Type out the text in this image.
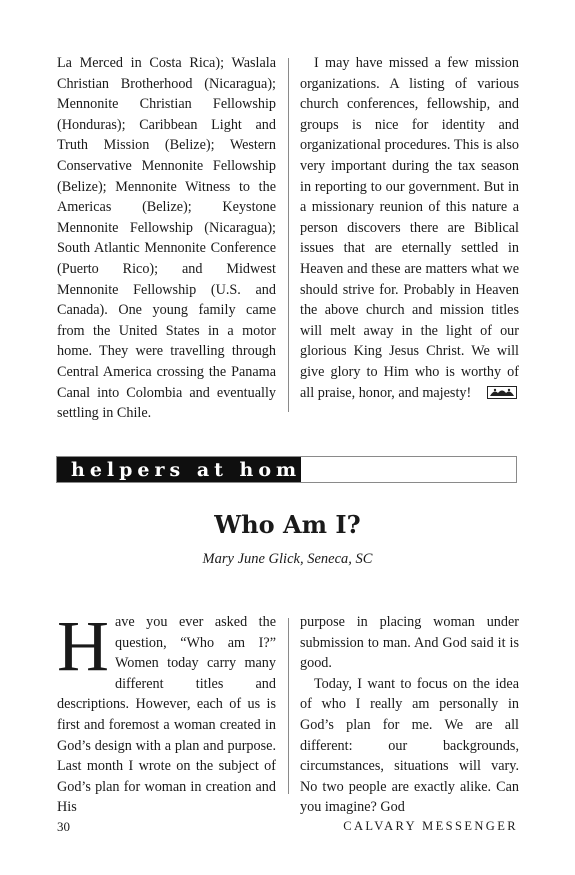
La Merced in Costa Rica); Waslala Christian Brotherhood (Nicaragua); Mennonite Christian Fellowship (Honduras); Caribbean Light and Truth Mission (Belize); Western Conservative Mennonite Fellowship (Belize); Mennonite Witness to the Americas (Belize); Keystone Mennonite Fellowship (Nicaragua); South Atlantic Mennonite Conference (Puerto Rico); and Midwest Mennonite Fellowship (U.S. and Canada). One young family came from the United States in a motor home. They were travelling through Central America crossing the Panama Canal into Colombia and eventually settling in Chile.

I may have missed a few mission organizations. A listing of various church conferences, fellowship, and groups is nice for identity and organizational procedures. This is also very important during the tax season in reporting to our government. But in a missionary reunion of this nature a person discovers there are Biblical issues that are eternally settled in Heaven and these are matters what we should strive for. Probably in Heaven the above church and mission titles will melt away in the light of our glorious King Jesus Christ. We will give glory to Him who is worthy of all praise, honor, and majesty!

helpers at home
Who Am I?
Mary June Glick, Seneca, SC
H ave you ever asked the question, “Who am I?” Women today carry many different titles and descriptions. However, each of us is first and foremost a woman created in God’s design with a plan and purpose. Last month I wrote on the subject of God’s plan for woman in creation and His

purpose in placing woman under submission to man. And God said it is good.

Today, I want to focus on the idea of who I really am personally in God’s plan for me. We are all different: our backgrounds, circumstances, situations will vary. No two people are exactly alike. Can you imagine? God

30	CALVARY MESSENGER
